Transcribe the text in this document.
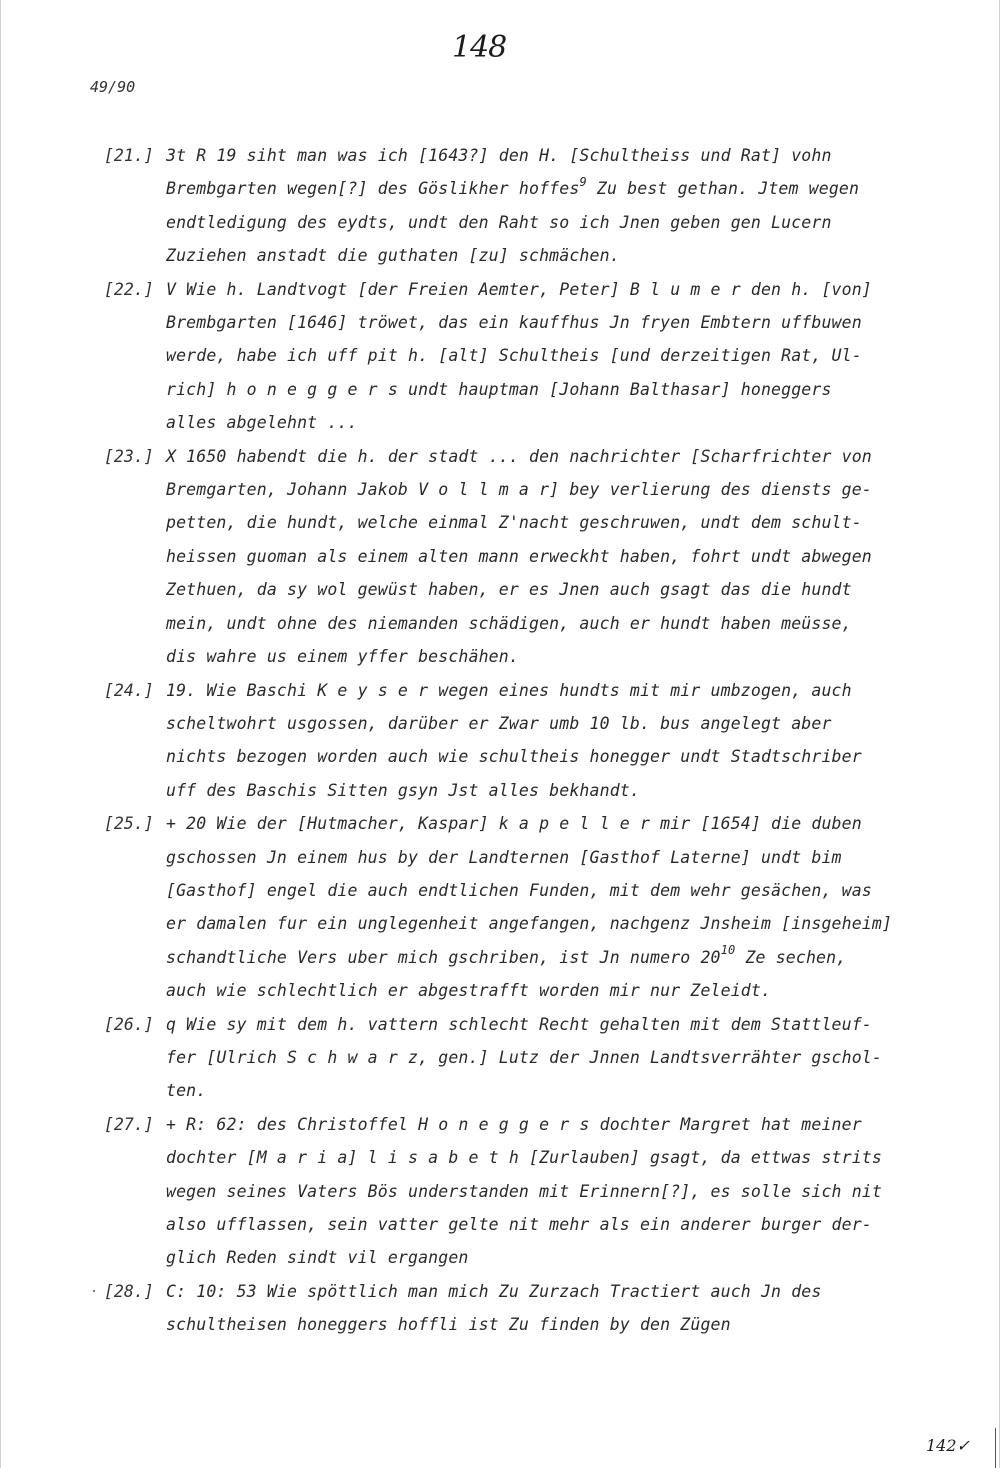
148
49/90
[21.] 3t R 19 siht man was ich [1643?] den H. [Schultheiss und Rat] vohn
Brembgarten wegen[?] des Göslikher hoffes$^9$ Zu best gethan. Jtem wegen
endtledigung des eydts, undt den Raht so ich Jnen geben gen Lucern
Zuziehen anstadt die guthaten [zu] schmächen.
[22.] V Wie h. Landtvogt [der Freien Aemter, Peter] B l u m e r den h. [von]
Brembgarten [1646] tröwet, das ein kauffhus Jn fryen Embtern uffbuwen
werde, habe ich uff pit h. [alt] Schultheis [und derzeitigen Rat, Ul-
rich] h o n e g g e r s undt hauptman [Johann Balthasar] honeggers
alles abgelehnt ...
[23.] X 1650 habendt die h. der stadt ... den nachrichter [Scharfrichter von
Bremgarten, Johann Jakob V o l l m a r] bey verlierung des diensts ge-
petten, die hundt, welche einmal Z'nacht geschruwen, undt dem schult-
heissen guoman als einem alten mann erweckht haben, fohrt undt abwegen
Zethuen, da sy wol gewüst haben, er es Jnen auch gsagt das die hundt
mein, undt ohne des niemanden schädigen, auch er hundt haben meüsse,
dis wahre us einem yffer beschähen.
[24.] 19. Wie Baschi K e y s e r wegen eines hundts mit mir umbzogen, auch
scheltwohrt usgossen, darüber er Zwar umb 10 lb. bus angelegt aber
nichts bezogen worden auch wie schultheis honegger undt Stadtschriber
uff des Baschis Sitten gsyn Jst alles bekhandt.
[25.] + 20 Wie der [Hutmacher, Kaspar] k a p e l l e r mir [1654] die duben
gschossen Jn einem hus by der Landternen [Gasthof Laterne] undt bim
[Gasthof] engel die auch endtlichen Funden, mit dem wehr gesächen, was
er damalen fur ein unglegenheit angefangen, nachgenz Jnsheim [insgeheim]
schandtliche Vers uber mich gschriben, ist Jn numero $20^{10}$ Ze sechen,
auch wie schlechtlich er abgestrafft worden mir nur Zeleidt.
[26.] q Wie sy mit dem h. vattern schlecht Recht gehalten mit dem Stattleuf-
fer [Ulrich S c h w a r z, gen.] Lutz der Jnnen Landtsverrähter gschol-
ten.
[27.] + R: 62: des Christoffel H o n e g g e r s dochter Margret hat meiner
dochter [M a r i a] l i s a b e t h [Zurlauben] gsagt, da ettwas strits
wegen seines Vaters Bös understanden mit Erinnern[?], es solle sich nit
also ufflassen, sein vatter gelte nit mehr als ein anderer burger der-
glich Reden sindt vil ergangen
[28.] C: 10: 53 Wie spöttlich man mich Zu Zurzach Tractiert auch Jn des
schultheisen honeggers hoffli ist Zu finden by den Zügen
142✓
